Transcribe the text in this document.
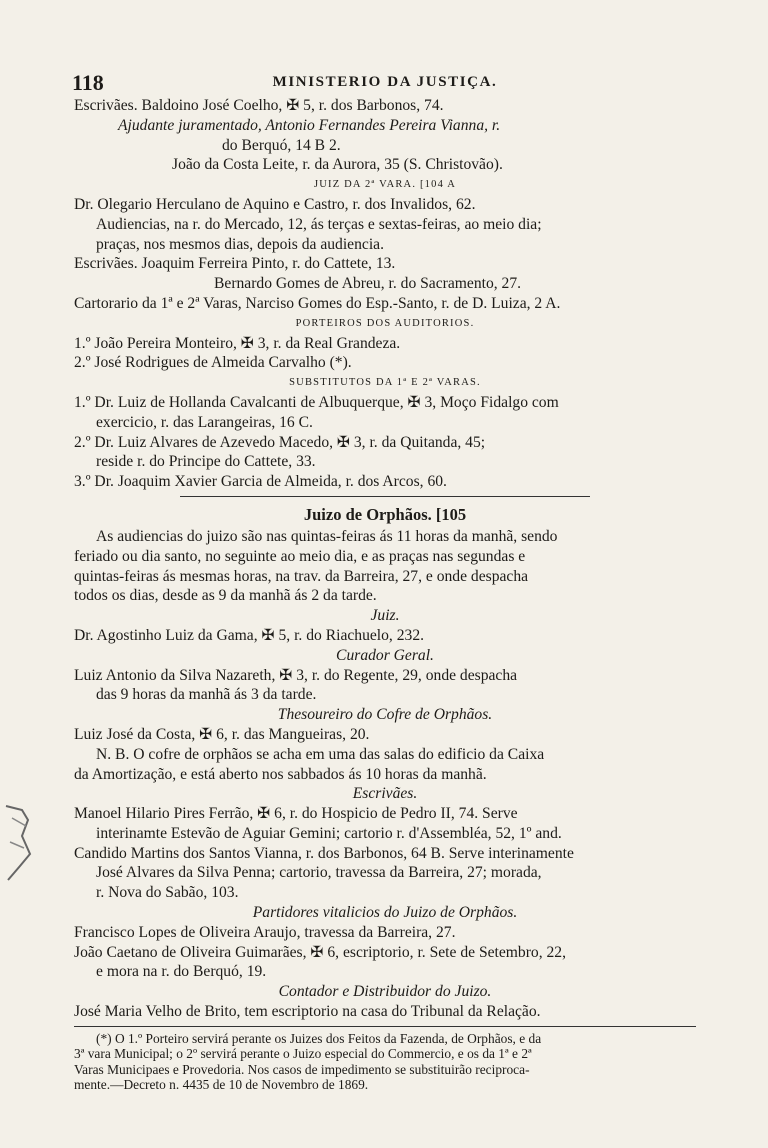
118	MINISTERIO DA JUSTIÇA.
Escrivães. Baldoino José Coelho, ✠ 5, r. dos Barbonos, 74.
Ajudante juramentado, Antonio Fernandes Pereira Vianna, r.
do Berquó, 14 B 2.
João da Costa Leite, r. da Aurora, 35 (S. Christovão).
JUIZ DA 2ª VARA. [104 A
Dr. Olegario Herculano de Aquino e Castro, r. dos Invalidos, 62.
Audiencias, na r. do Mercado, 12, ás terças e sextas-feiras, ao meio dia;
praças, nos mesmos dias, depois da audiencia.
Escrivães. Joaquim Ferreira Pinto, r. do Cattete, 13.
Bernardo Gomes de Abreu, r. do Sacramento, 27.
Cartorario da 1ª e 2ª Varas, Narciso Gomes do Esp.-Santo, r. de D. Luiza, 2 A.
PORTEIROS DOS AUDITORIOS.
1.º João Pereira Monteiro, ✠ 3, r. da Real Grandeza.
2.º José Rodrigues de Almeida Carvalho (*).
SUBSTITUTOS DA 1ª E 2ª VARAS.
1.º Dr. Luiz de Hollanda Cavalcanti de Albuquerque, ✠ 3, Moço Fidalgo com
exercicio, r. das Larangeiras, 16 C.
2.º Dr. Luiz Alvares de Azevedo Macedo, ✠ 3, r. da Quitanda, 45;
reside r. do Principe do Cattete, 33.
3.º Dr. Joaquim Xavier Garcia de Almeida, r. dos Arcos, 60.
Juizo de Orphãos. [105
As audiencias do juizo são nas quintas-feiras ás 11 horas da manhã, sendo
feriado ou dia santo, no seguinte ao meio dia, e as praças nas segundas e
quintas-feiras ás mesmas horas, na trav. da Barreira, 27, e onde despacha
todos os dias, desde as 9 da manhã ás 2 da tarde.
Juiz.
Dr. Agostinho Luiz da Gama, ✠ 5, r. do Riachuelo, 232.
Curador Geral.
Luiz Antonio da Silva Nazareth, ✠ 3, r. do Regente, 29, onde despacha
das 9 horas da manhã ás 3 da tarde.
Thesoureiro do Cofre de Orphãos.
Luiz José da Costa, ✠ 6, r. das Mangueiras, 20.
N. B. O cofre de orphãos se acha em uma das salas do edificio da Caixa
da Amortização, e está aberto nos sabbados ás 10 horas da manhã.
Escrivães.
Manoel Hilario Pires Ferrão, ✠ 6, r. do Hospicio de Pedro II, 74. Serve
interinamte Estevão de Aguiar Gemini; cartorio r. d'Assembléa, 52, 1º and.
Candido Martins dos Santos Vianna, r. dos Barbonos, 64 B. Serve interinamente
José Alvares da Silva Penna; cartorio, travessa da Barreira, 27; morada,
r. Nova do Sabão, 103.
Partidores vitalicios do Juizo de Orphãos.
Francisco Lopes de Oliveira Araujo, travessa da Barreira, 27.
João Caetano de Oliveira Guimarães, ✠ 6, escriptorio, r. Sete de Setembro, 22,
e mora na r. do Berquó, 19.
Contador e Distribuidor do Juizo.
José Maria Velho de Brito, tem escriptorio na casa do Tribunal da Relação.
(*) O 1.º Porteiro servirá perante os Juizes dos Feitos da Fazenda, de Orphãos, e da
3ª vara Municipal; o 2º servirá perante o Juizo especial do Commercio, e os da 1ª e 2ª
Varas Municipaes e Provedoria. Nos casos de impedimento se substituirão reciproca-
mente.—Decreto n. 4435 de 10 de Novembro de 1869.
